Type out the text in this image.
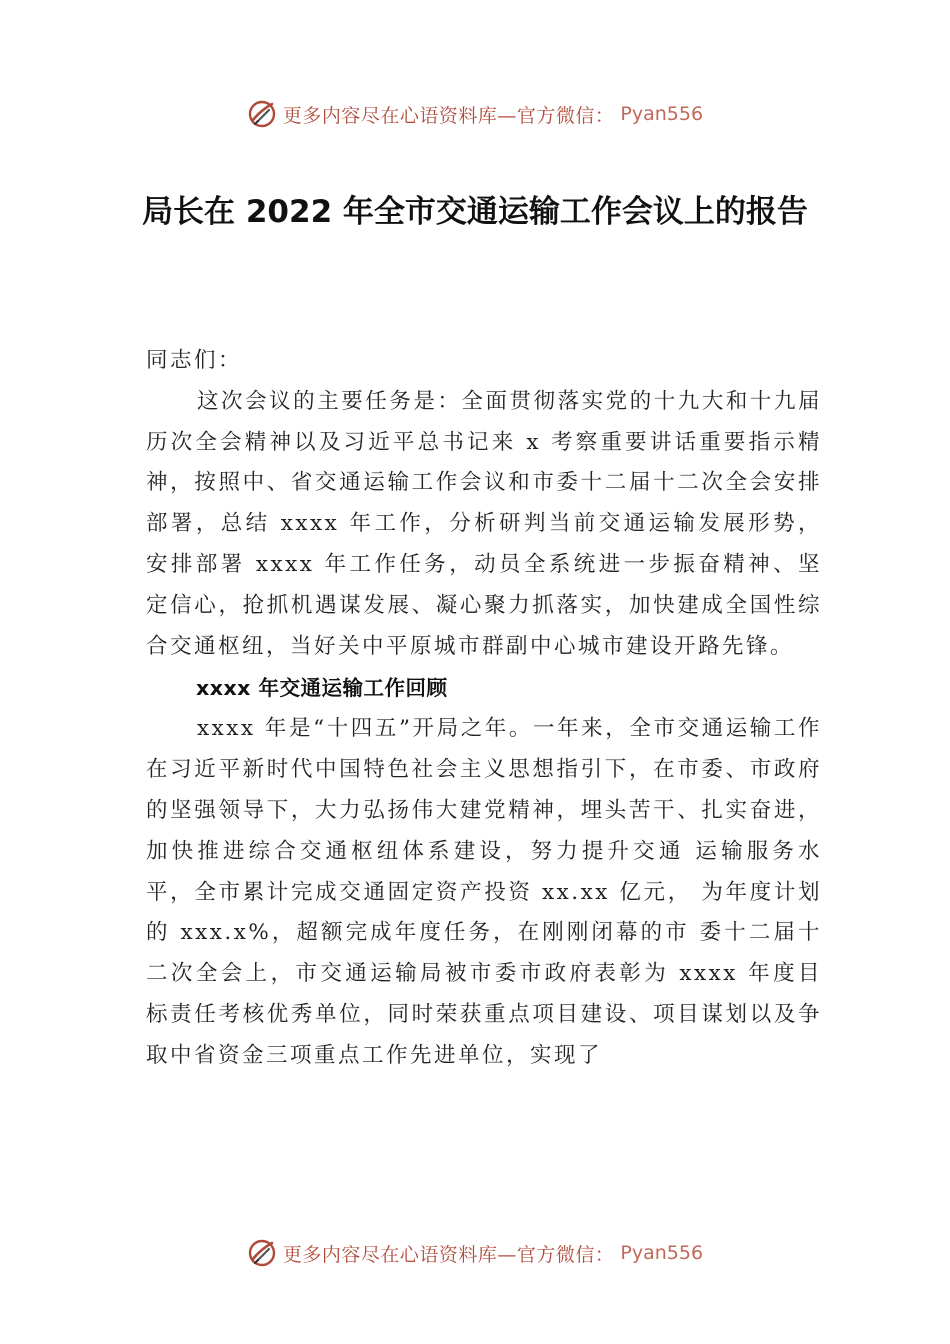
更多内容尽在心语资料库—官方微信： Pyan556
局长在 2022 年全市交通运输工作会议上的报告

同志们：

这次会议的主要任务是：全面贯彻落实党的十九大和十九届历次全会精神以及习近平总书记来 x 考察重要讲话重要指示精神，按照中、省交通运输工作会议和市委十二届十二次全会安排部署，总结 xxxx 年工作，分析研判当前交通运输发展形势，安排部署 xxxx 年工作任务，动员全系统进一步振奋精神、坚定信心，抢抓机遇谋发展、凝心聚力抓落实，加快建成全国性综合交通枢纽，当好关中平原城市群副中心城市建设开路先锋。

xxxx 年交通运输工作回顾

xxxx 年是“十四五”开局之年。一年来，全市交通运输工作在习近平新时代中国特色社会主义思想指引下，在市委、市政府的坚强领导下，大力弘扬伟大建党精神，埋头苦干、扎实奋进，加快推进综合交通枢纽体系建设，努力提升交通 运输服务水平，全市累计完成交通固定资产投资 xx.xx 亿元， 为年度计划的 xxx.x%，超额完成年度任务，在刚刚闭幕的市 委十二届十二次全会上，市交通运输局被市委市政府表彰为 xxxx 年度目标责任考核优秀单位，同时荣获重点项目建设、项目谋划以及争取中省资金三项重点工作先进单位，实现了

更多内容尽在心语资料库—官方微信： Pyan556
